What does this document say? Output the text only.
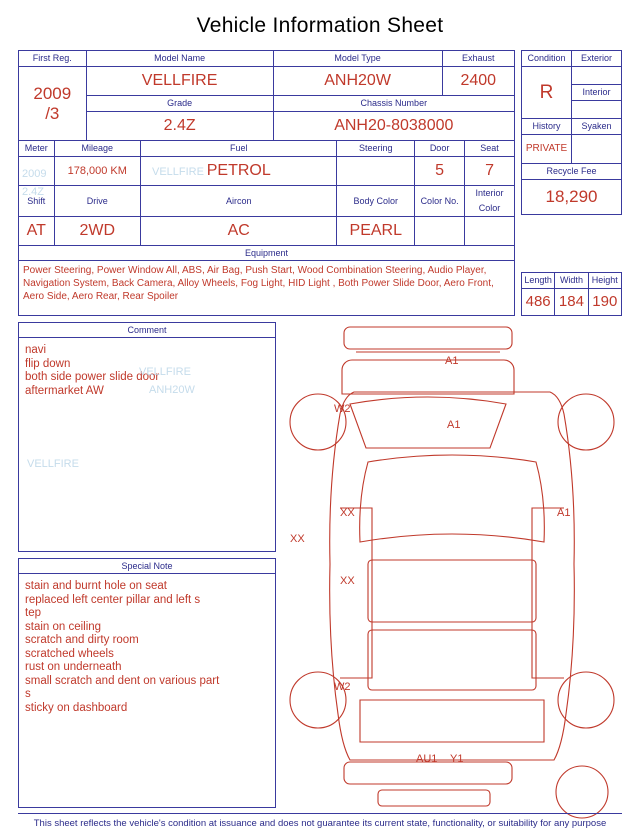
Vehicle Information Sheet
First Reg.	Model Name	Model Type	Exhaust

2009
/3	VELLFIRE	ANH20W	2400
	Grade	Chassis Number	
	2.4Z	ANH20-8038000	
Meter	Mileage	Fuel	Steering	Door	Seat
	178,000 KM	PETROL		5	7
Shift	Drive	Aircon	Body Color	Color No.	Interior Color
AT	2WD	AC	PEARL		
Condition	Exterior
R	
	Interior

History	Syaken
PRIVATE	
Recycle Fee	
18,290	
Equipment
Power Steering, Power Window All, ABS, Air Bag, Push Start, Wood Combination Steering, Audio Player, Navigation System, Back Camera, Alloy Wheels, Fog Light, HID Light , Both Power Slide Door, Aero Front, Aero Side, Aero Rear, Rear Spoiler
Length	Width	Height
486	184	190
Comment
navi
flip down
both side power slide door
aftermarket AW
VELLFIRE
ANH20W
VELLFIRE
Special Note
stain and burnt hole on seat
replaced left center pillar and left s
tep
stain on ceiling
scratch and dirty room
scratched wheels
rust on underneath
small scratch and dent on various part
s
sticky on dashboard
A1
W2
A1
XX	A1
XX
XX
W2
AU1 Y1
This sheet reflects the vehicle's condition at issuance and does not guarantee its current state, functionality, or suitability for any purpose
2009	VELLFIRE
2.4Z
